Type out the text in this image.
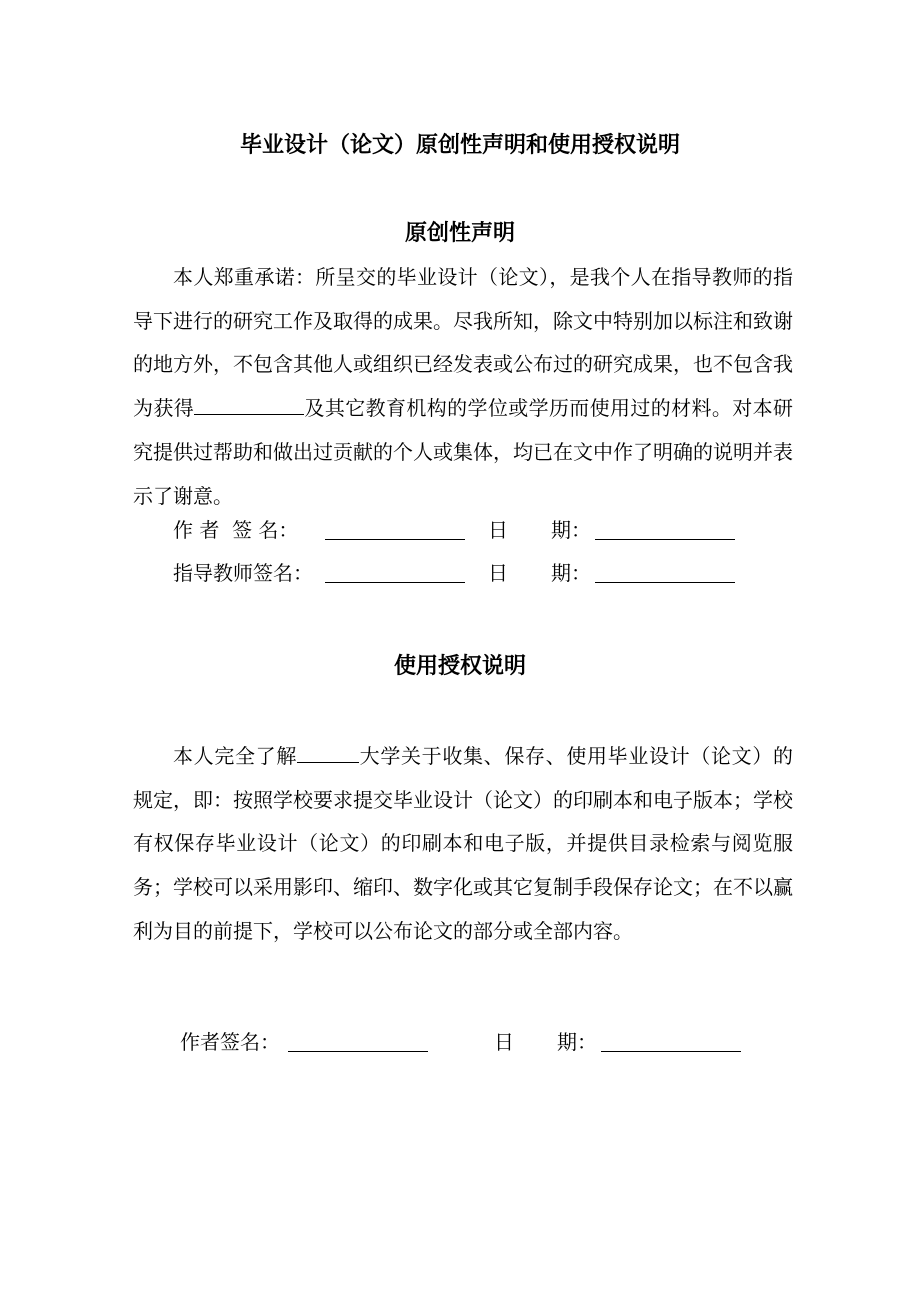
毕业设计（论文）原创性声明和使用授权说明
原创性声明

本人郑重承诺：所呈交的毕业设计（论文），是我个人在指导教师的指导下进行的研究工作及取得的成果。尽我所知，除文中特别加以标注和致谢的地方外，不包含其他人或组织已经发表或公布过的研究成果，也不包含我为获得	及其它教育机构的学位或学历而使用过的材料。对本研究提供过帮助和做出过贡献的个人或集体，均已在文中作了明确的说明并表示了谢意。

作 者  签 名：	日 期：
指导教师签名：	日 期：
使用授权说明

本人完全了解	大学关于收集、保存、使用毕业设计（论文）的规定，即：按照学校要求提交毕业设计（论文）的印刷本和电子版本；学校有权保存毕业设计（论文）的印刷本和电子版，并提供目录检索与阅览服务；学校可以采用影印、缩印、数字化或其它复制手段保存论文；在不以赢利为目的前提下，学校可以公布论文的部分或全部内容。

作者签名：	日 期：
